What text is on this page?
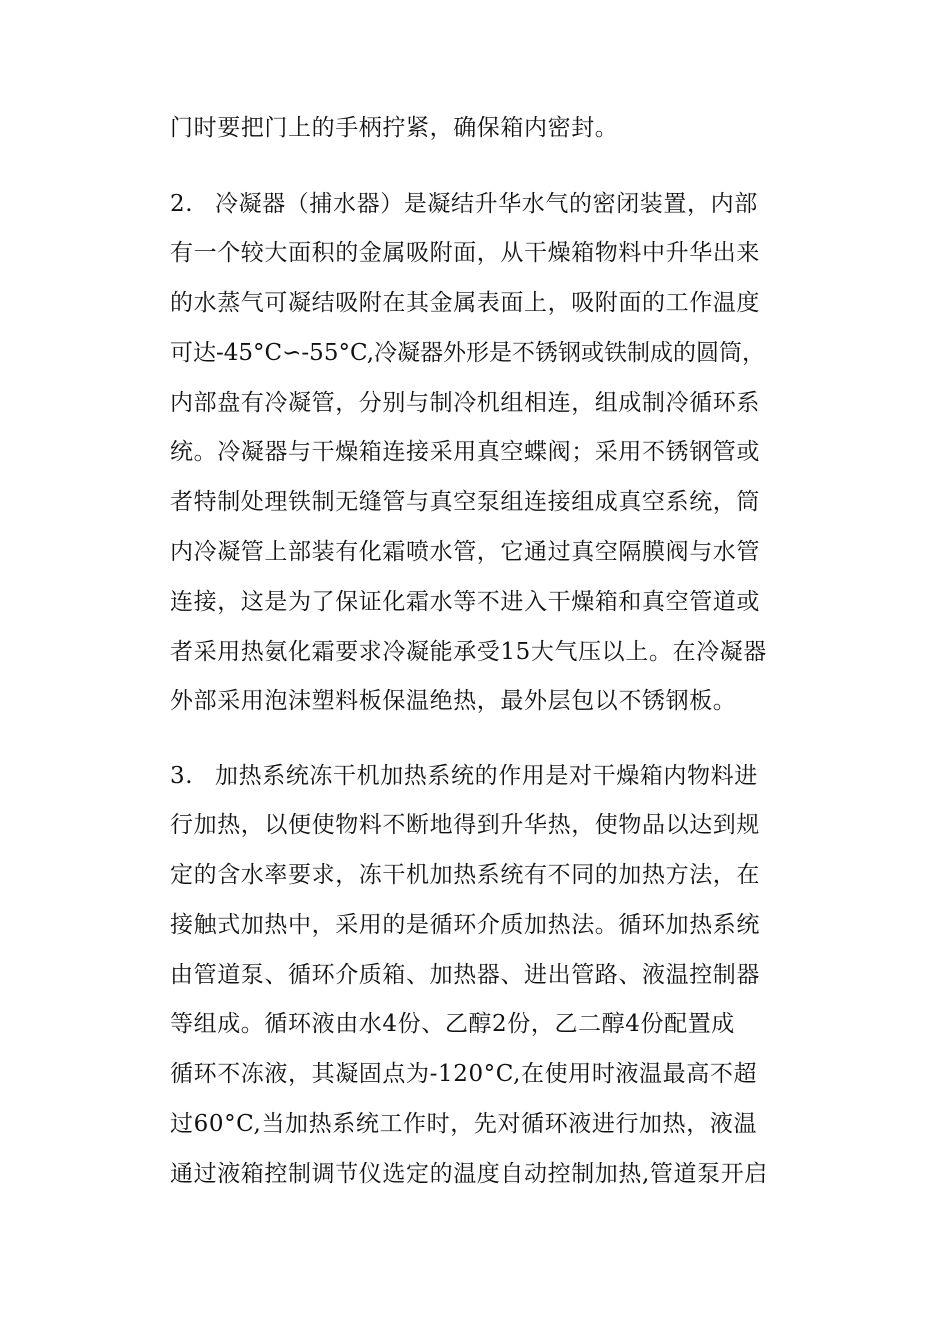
门时要把门上的手柄拧紧，确保箱内密封。
2. 冷凝器（捕水器）是凝结升华水气的密闭装置，内部
有一个较大面积的金属吸附面，从干燥箱物料中升华出来
的水蒸气可凝结吸附在其金属表面上，吸附面的工作温度
可达-45°C∽-55°C,冷凝器外形是不锈钢或铁制成的圆筒，
内部盘有冷凝管，分别与制冷机组相连，组成制冷循环系
统。冷凝器与干燥箱连接采用真空蝶阀；采用不锈钢管或
者特制处理铁制无缝管与真空泵组连接组成真空系统，筒
内冷凝管上部装有化霜喷水管，它通过真空隔膜阀与水管
连接，这是为了保证化霜水等不进入干燥箱和真空管道或
者采用热氨化霜要求冷凝能承受15大气压以上。在冷凝器
外部采用泡沫塑料板保温绝热，最外层包以不锈钢板。
3. 加热系统冻干机加热系统的作用是对干燥箱内物料进
行加热，以便使物料不断地得到升华热，使物品以达到规
定的含水率要求，冻干机加热系统有不同的加热方法，在
接触式加热中，采用的是循环介质加热法。循环加热系统
由管道泵、循环介质箱、加热器、进出管路、液温控制器
等组成。循环液由水4份、乙醇2份，乙二醇4份配置成
循环不冻液，其凝固点为-120°C,在使用时液温最高不超
过60°C,当加热系统工作时，先对循环液进行加热，液温
通过液箱控制调节仪选定的温度自动控制加热,管道泵开启
